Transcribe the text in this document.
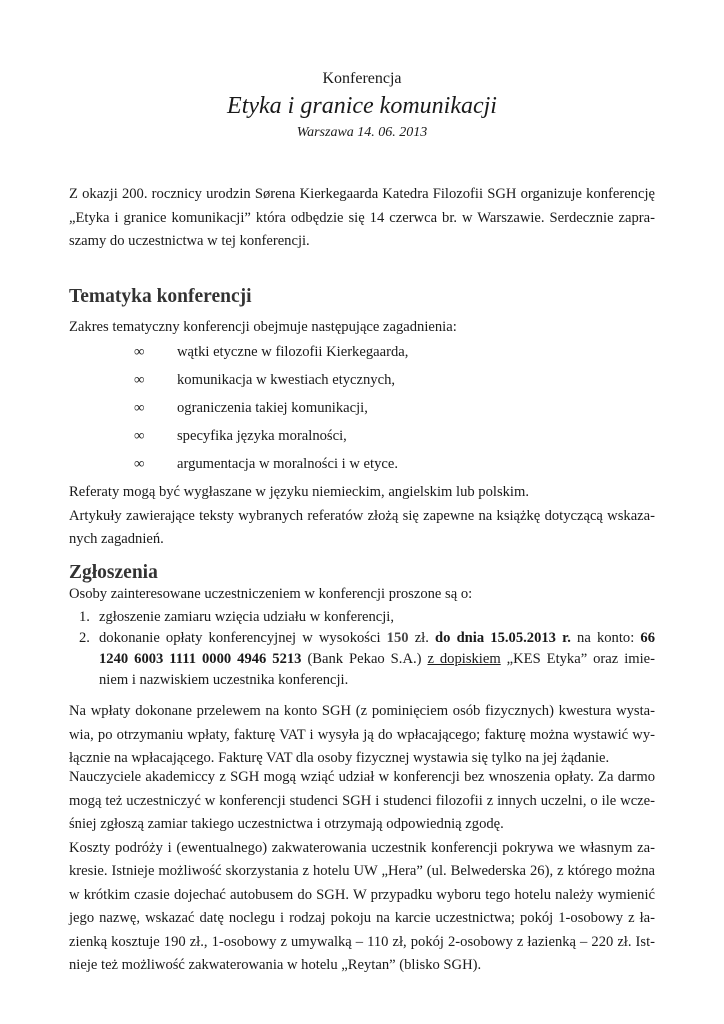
Konferencja
Etyka i granice komunikacji
Warszawa 14. 06. 2013
Z okazji 200. rocznicy urodzin Sørena Kierkegaarda Katedra Filozofii SGH organizuje konferencję
„Etyka i granice komunikacji” która odbędzie się 14 czerwca br. w Warszawie. Serdecznie zapra-
szamy do uczestnictwa w tej konferencji.
Tematyka konferencji
Zakres tematyczny konferencji obejmuje następujące zagadnienia:
∞	wątki etyczne w filozofii Kierkegaarda,
∞	komunikacja w kwestiach etycznych,
∞	ograniczenia takiej komunikacji,
∞	specyfika języka moralności,
∞	argumentacja w moralności i w etyce.
Referaty mogą być wygłaszane w języku niemieckim, angielskim lub polskim.
Artykuły zawierające teksty wybranych referatów złożą się zapewne na książkę dotyczącą wskaza-
nych zagadnień.
Zgłoszenia
Osoby zainteresowane uczestniczeniem w konferencji proszone są o:
1. zgłoszenie zamiaru wzięcia udziału w konferencji,
2. dokonanie opłaty konferencyjnej w wysokości 150 zł. do dnia 15.05.2013 r. na konto: 66
1240 6003 1111 0000 4946 5213 (Bank Pekao S.A.) z dopiskiem „KES Etyka” oraz imie-
niem i nazwiskiem uczestnika konferencji.
Na wpłaty dokonane przelewem na konto SGH (z pominięciem osób fizycznych) kwestura wysta-
wia, po otrzymaniu wpłaty, fakturę VAT i wysyła ją do wpłacającego; fakturę można wystawić wy-
łącznie na wpłacającego. Fakturę VAT dla osoby fizycznej wystawia się tylko na jej żądanie.
Nauczyciele akademiccy z SGH mogą wziąć udział w konferencji bez wnoszenia opłaty. Za darmo
mogą też uczestniczyć w konferencji studenci SGH i studenci filozofii z innych uczelni, o ile wcze-
śniej zgłoszą zamiar takiego uczestnictwa i otrzymają odpowiednią zgodę.
Koszty podróży i (ewentualnego) zakwaterowania uczestnik konferencji pokrywa we własnym za-
kresie. Istnieje możliwość skorzystania z hotelu UW „Hera” (ul. Belwederska 26), z którego można
w krótkim czasie dojechać autobusem do SGH. W przypadku wyboru tego hotelu należy wymienić
jego nazwę, wskazać datę noclegu i rodzaj pokoju na karcie uczestnictwa; pokój 1-osobowy z ła-
zienką kosztuje 190 zł., 1-osobowy z umywalką – 110 zł, pokój 2-osobowy z łazienką – 220 zł. Ist-
nieje też możliwość zakwaterowania w hotelu „Reytan” (blisko SGH).
